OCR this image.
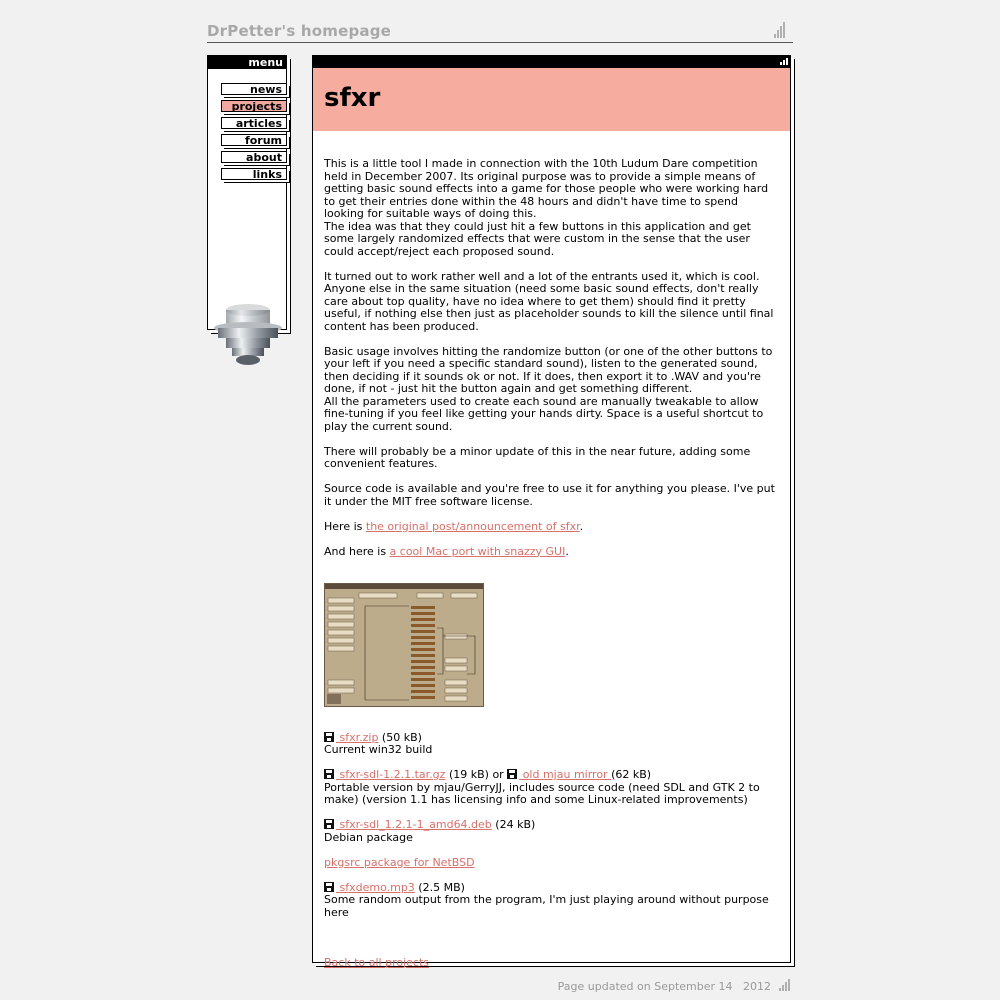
DrPetter's homepage
menu
news
projects
articles
forum
about
links
sfxr

This is a little tool I made in connection with the 10th Ludum Dare competition held in December 2007. Its original purpose was to provide a simple means of getting basic sound effects into a game for those people who were working hard to get their entries done within the 48 hours and didn't have time to spend looking for suitable ways of doing this.
The idea was that they could just hit a few buttons in this application and get some largely randomized effects that were custom in the sense that the user could accept/reject each proposed sound.

It turned out to work rather well and a lot of the entrants used it, which is cool. Anyone else in the same situation (need some basic sound effects, don't really care about top quality, have no idea where to get them) should find it pretty useful, if nothing else then just as placeholder sounds to kill the silence until final content has been produced.

Basic usage involves hitting the randomize button (or one of the other buttons to your left if you need a specific standard sound), listen to the generated sound, then deciding if it sounds ok or not. If it does, then export it to .WAV and you're done, if not - just hit the button again and get something different.
All the parameters used to create each sound are manually tweakable to allow fine-tuning if you feel like getting your hands dirty. Space is a useful shortcut to play the current sound.

There will probably be a minor update of this in the near future, adding some convenient features.

Source code is available and you're free to use it for anything you please. I've put it under the MIT free software license.

Here is the original post/announcement of sfxr.

And here is a cool Mac port with snazzy GUI.

sfxr.zip (50 kB)
Current win32 build

sfxr-sdl-1.2.1.tar.gz (19 kB) or  old mjau mirror (62 kB)
Portable version by mjau/GerryJJ, includes source code (need SDL and GTK 2 to make) (version 1.1 has licensing info and some Linux-related improvements)

sfxr-sdl_1.2.1-1_amd64.deb (24 kB)
Debian package

pkgsrc package for NetBSD

sfxdemo.mp3 (2.5 MB)
Some random output from the program, I'm just playing around without purpose here

Back to all projects

Page updated on September 14   2012
